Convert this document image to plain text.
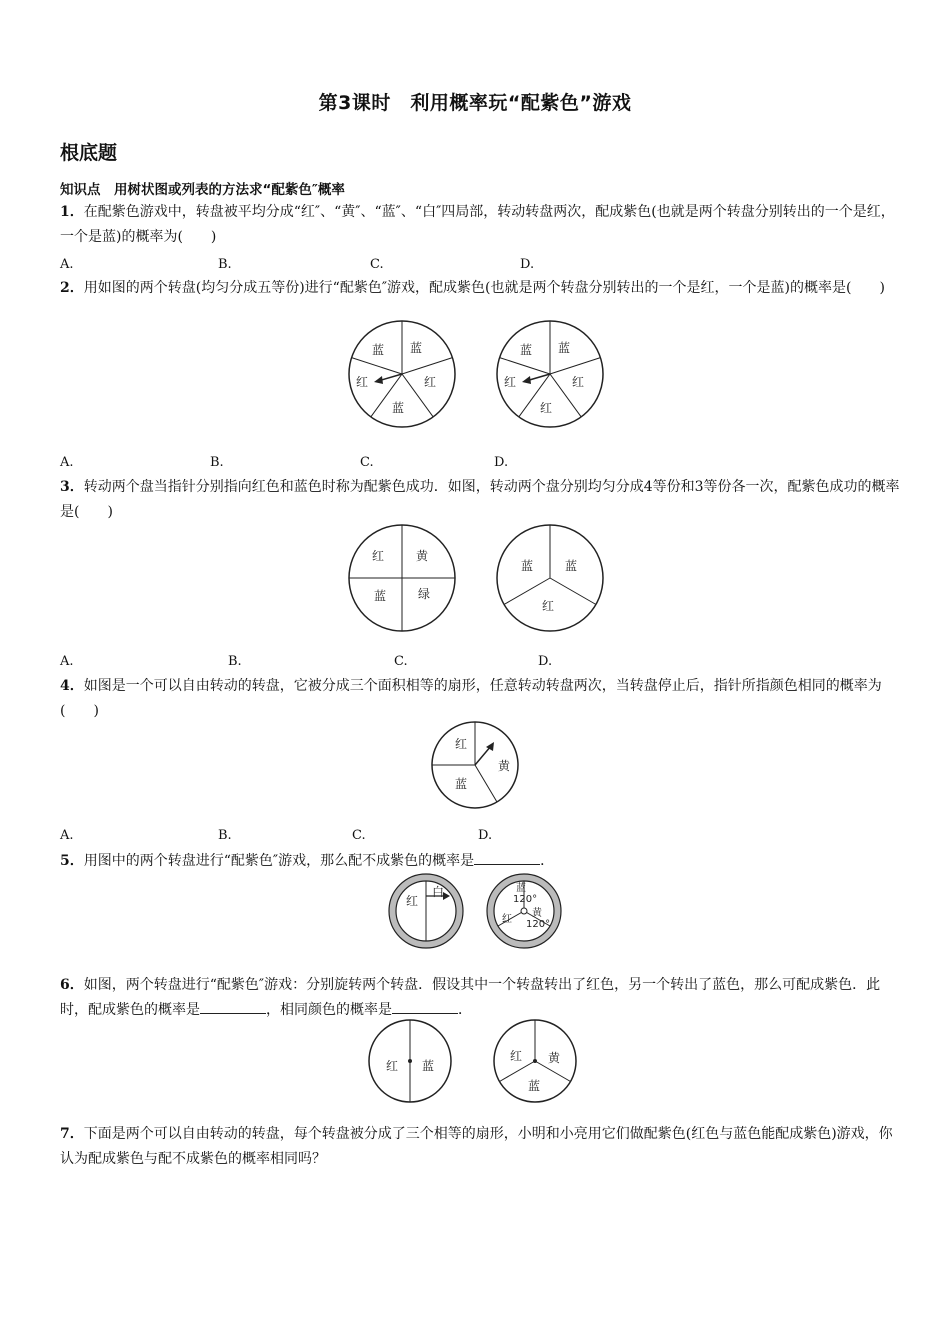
第3课时　利用概率玩“配紫色”游戏
根底题
知识点　用树状图或列表的方法求“配紫色″概率
1．在配紫色游戏中，转盘被平均分成“红″、“黄″、“蓝″、“白″四局部，转动转盘两次，配成紫色(也就是两个转盘分别转出的一个是红，一个是蓝)的概率为(　　)
A.	B.	C.	D.
2．用如图的两个转盘(均匀分成五等份)进行“配紫色″游戏，配成紫色(也就是两个转盘分别转出的一个是红，一个是蓝)的概率是(　　)
蓝 蓝
红	红
蓝
蓝 蓝
红	红
红
A.	B.	C.	D.
3．转动两个盘当指针分别指向红色和蓝色时称为配紫色成功．如图，转动两个盘分别均匀分成4等份和3等份各一次，配紫色成功的概率是(　　)
红	黄
蓝	绿
蓝	蓝
红
A.	B.	C.	D.
4．如图是一个可以自由转动的转盘，它被分成三个面积相等的扇形，任意转动转盘两次，当转盘停止后，指针所指颜色相同的概率为(　　)
红
蓝
黄
A.	B.	C.	D.
5．用图中的两个转盘进行“配紫色″游戏，那么配不成紫色的概率是	．
红
白	蓝
120°
黄
120°
红
6．如图，两个转盘进行“配紫色″游戏：分别旋转两个转盘．假设其中一个转盘转出了红色，另一个转出了蓝色，那么可配成紫色．此时，配成紫色的概率是	，相同颜色的概率是	．
红 蓝
红 黄
蓝
7．下面是两个可以自由转动的转盘，每个转盘被分成了三个相等的扇形，小明和小亮用它们做配紫色(红色与蓝色能配成紫色)游戏，你认为配成紫色与配不成紫色的概率相同吗？
